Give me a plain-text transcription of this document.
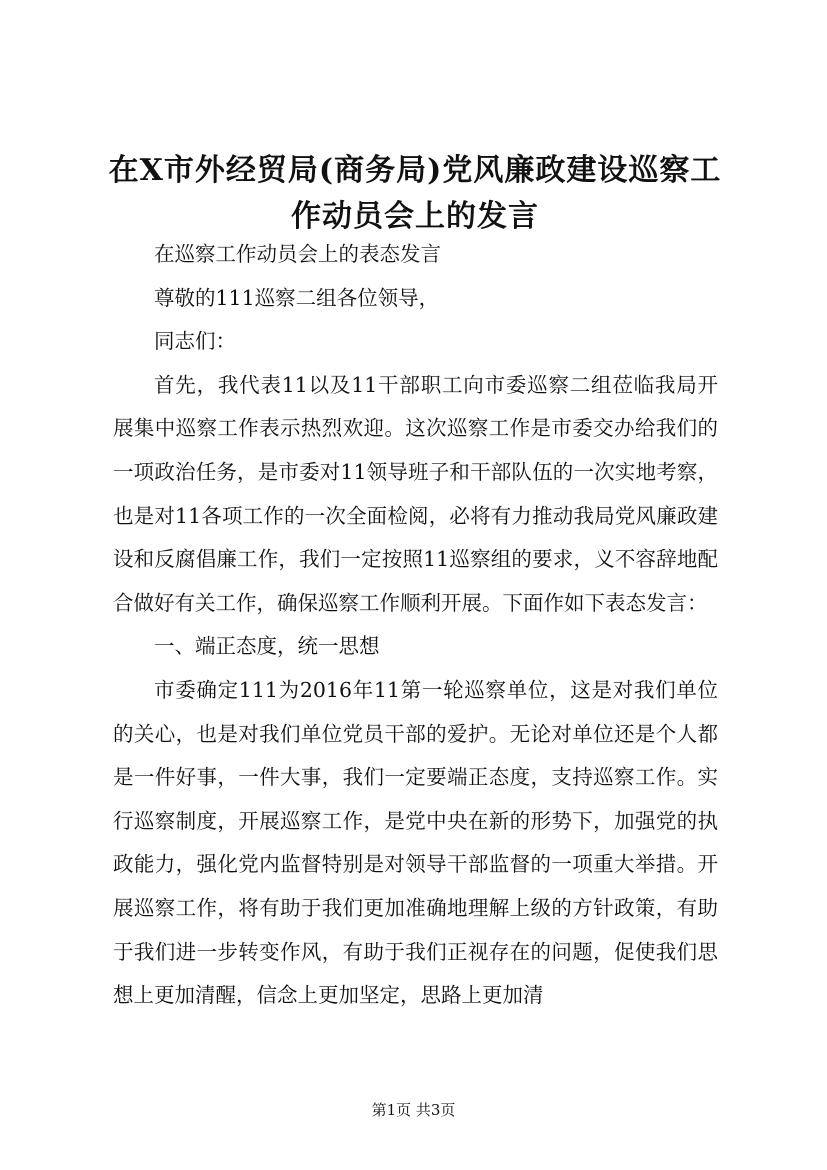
在X市外经贸局(商务局)党风廉政建设巡察工作动员会上的发言

在巡察工作动员会上的表态发言

尊敬的111巡察二组各位领导，

同志们：

首先，我代表11以及11干部职工向市委巡察二组莅临我局开展集中巡察工作表示热烈欢迎。这次巡察工作是市委交办给我们的一项政治任务，是市委对11领导班子和干部队伍的一次实地考察，也是对11各项工作的一次全面检阅，必将有力推动我局党风廉政建设和反腐倡廉工作，我们一定按照11巡察组的要求，义不容辞地配合做好有关工作，确保巡察工作顺利开展。下面作如下表态发言：

一、端正态度，统一思想

市委确定111为2016年11第一轮巡察单位，这是对我们单位的关心，也是对我们单位党员干部的爱护。无论对单位还是个人都是一件好事，一件大事，我们一定要端正态度，支持巡察工作。实行巡察制度，开展巡察工作，是党中央在新的形势下，加强党的执政能力，强化党内监督特别是对领导干部监督的一项重大举措。开展巡察工作，将有助于我们更加准确地理解上级的方针政策，有助于我们进一步转变作风，有助于我们正视存在的问题，促使我们思想上更加清醒，信念上更加坚定，思路上更加清

第1页 共3页
